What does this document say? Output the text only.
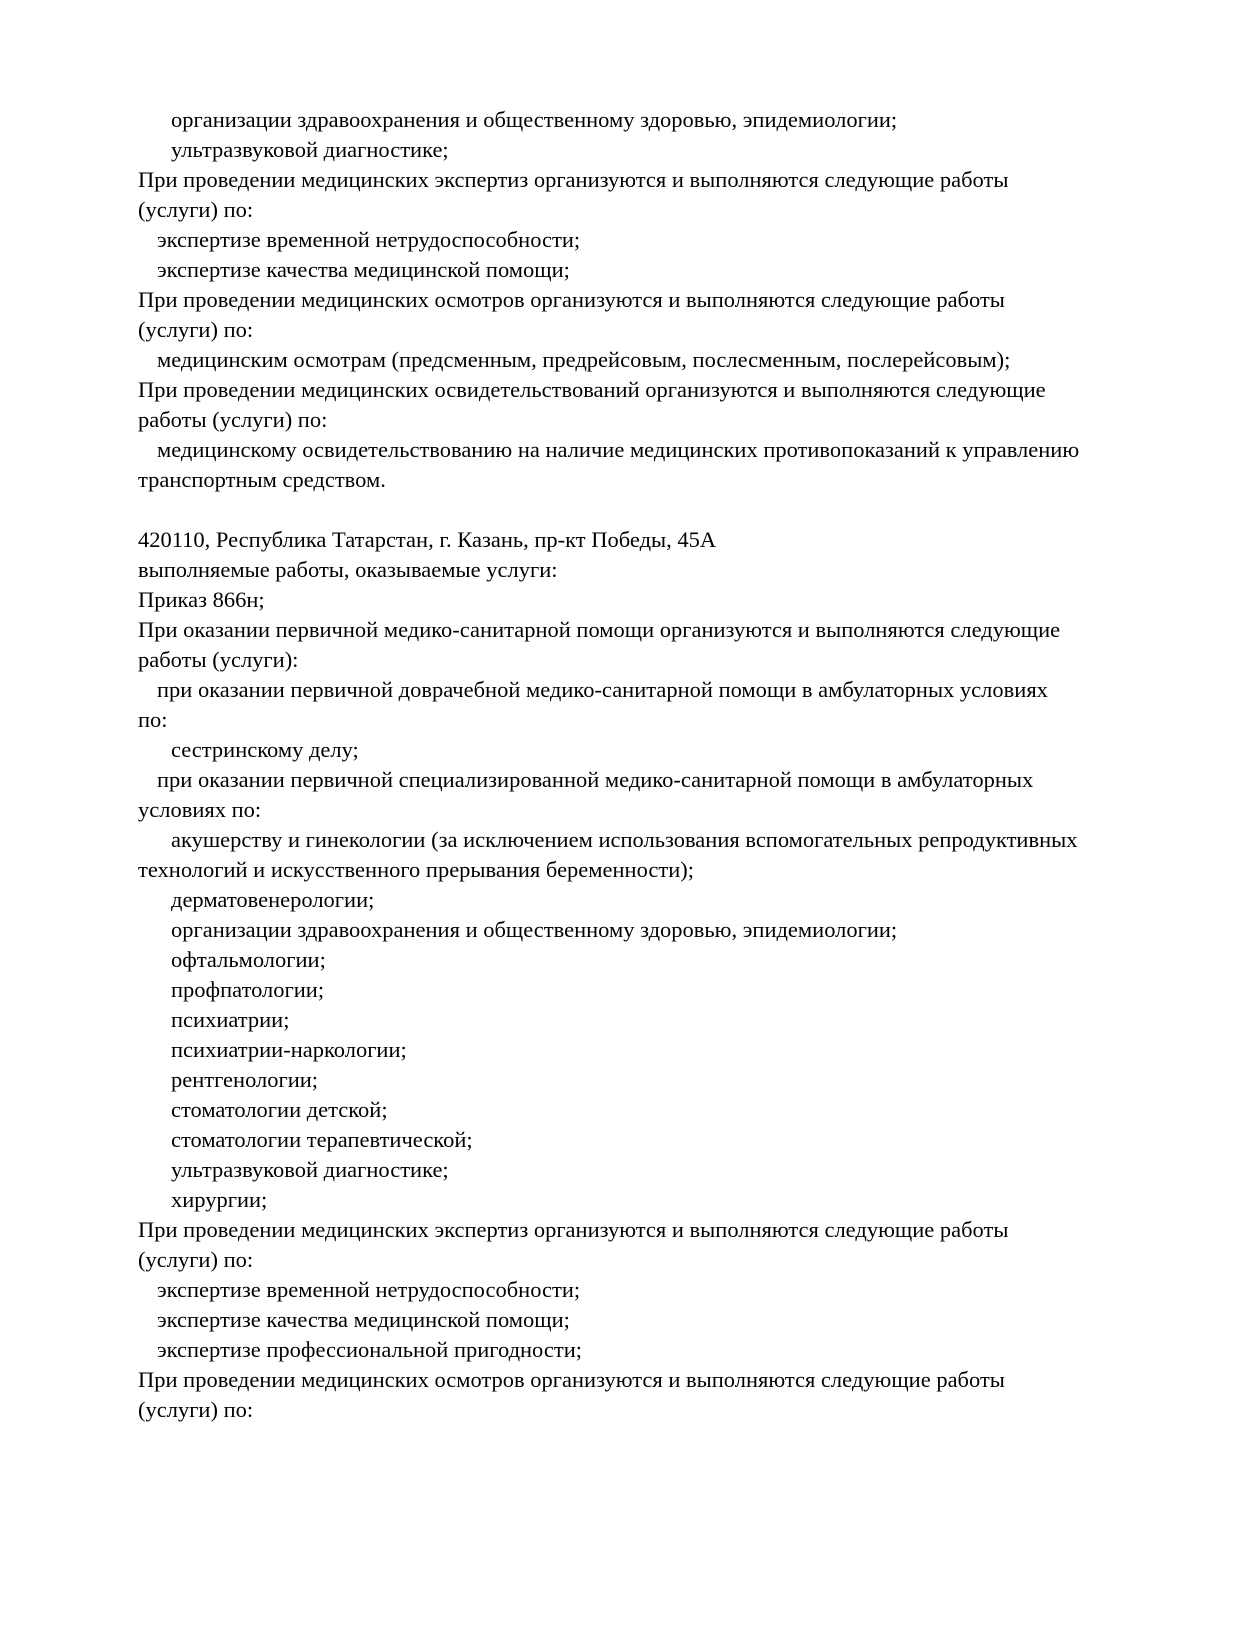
организации здравоохранения и общественному здоровью, эпидемиологии;
ультразвуковой диагностике;
При проведении медицинских экспертиз организуются и выполняются следующие работы
(услуги) по:
экспертизе временной нетрудоспособности;
экспертизе качества медицинской помощи;
При проведении медицинских осмотров организуются и выполняются следующие работы
(услуги) по:
медицинским осмотрам (предсменным, предрейсовым, послесменным, послерейсовым);
При проведении медицинских освидетельствований организуются и выполняются следующие
работы (услуги) по:
медицинскому освидетельствованию на наличие медицинских противопоказаний к управлению
транспортным средством.

420110, Республика Татарстан, г. Казань, пр-кт Победы, 45А
выполняемые работы, оказываемые услуги:
Приказ 866н;
При оказании первичной медико-санитарной помощи организуются и выполняются следующие
работы (услуги):
при оказании первичной доврачебной медико-санитарной помощи в амбулаторных условиях
по:
сестринскому делу;
при оказании первичной специализированной медико-санитарной помощи в амбулаторных
условиях по:
акушерству и гинекологии (за исключением использования вспомогательных репродуктивных
технологий и искусственного прерывания беременности);
дерматовенерологии;
организации здравоохранения и общественному здоровью, эпидемиологии;
офтальмологии;
профпатологии;
психиатрии;
психиатрии-наркологии;
рентгенологии;
стоматологии детской;
стоматологии терапевтической;
ультразвуковой диагностике;
хирургии;
При проведении медицинских экспертиз организуются и выполняются следующие работы
(услуги) по:
экспертизе временной нетрудоспособности;
экспертизе качества медицинской помощи;
экспертизе профессиональной пригодности;
При проведении медицинских осмотров организуются и выполняются следующие работы
(услуги) по:
